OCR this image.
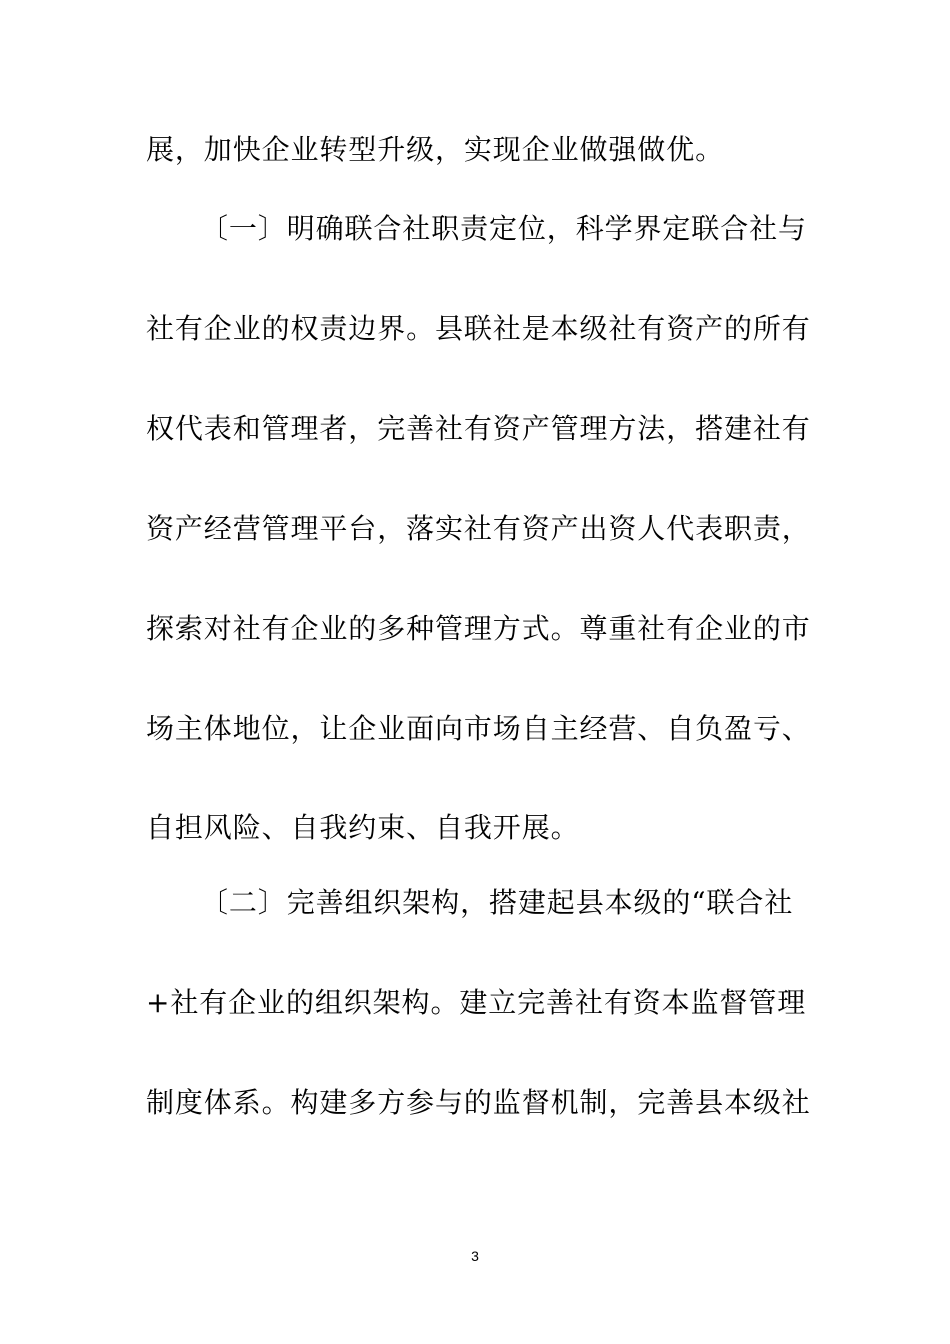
展，加快企业转型升级，实现企业做强做优。
〔一〕明确联合社职责定位，科学界定联合社与
社有企业的权责边界。县联社是本级社有资产的所有
权代表和管理者，完善社有资产管理方法，搭建社有
资产经营管理平台，落实社有资产出资人代表职责，
探索对社有企业的多种管理方式。尊重社有企业的市
场主体地位，让企业面向市场自主经营、自负盈亏、
自担风险、自我约束、自我开展。
〔二〕完善组织架构，搭建起县本级的“联合社
+社有企业的组织架构。建立完善社有资本监督管理
制度体系。构建多方参与的监督机制，完善县本级社
3
